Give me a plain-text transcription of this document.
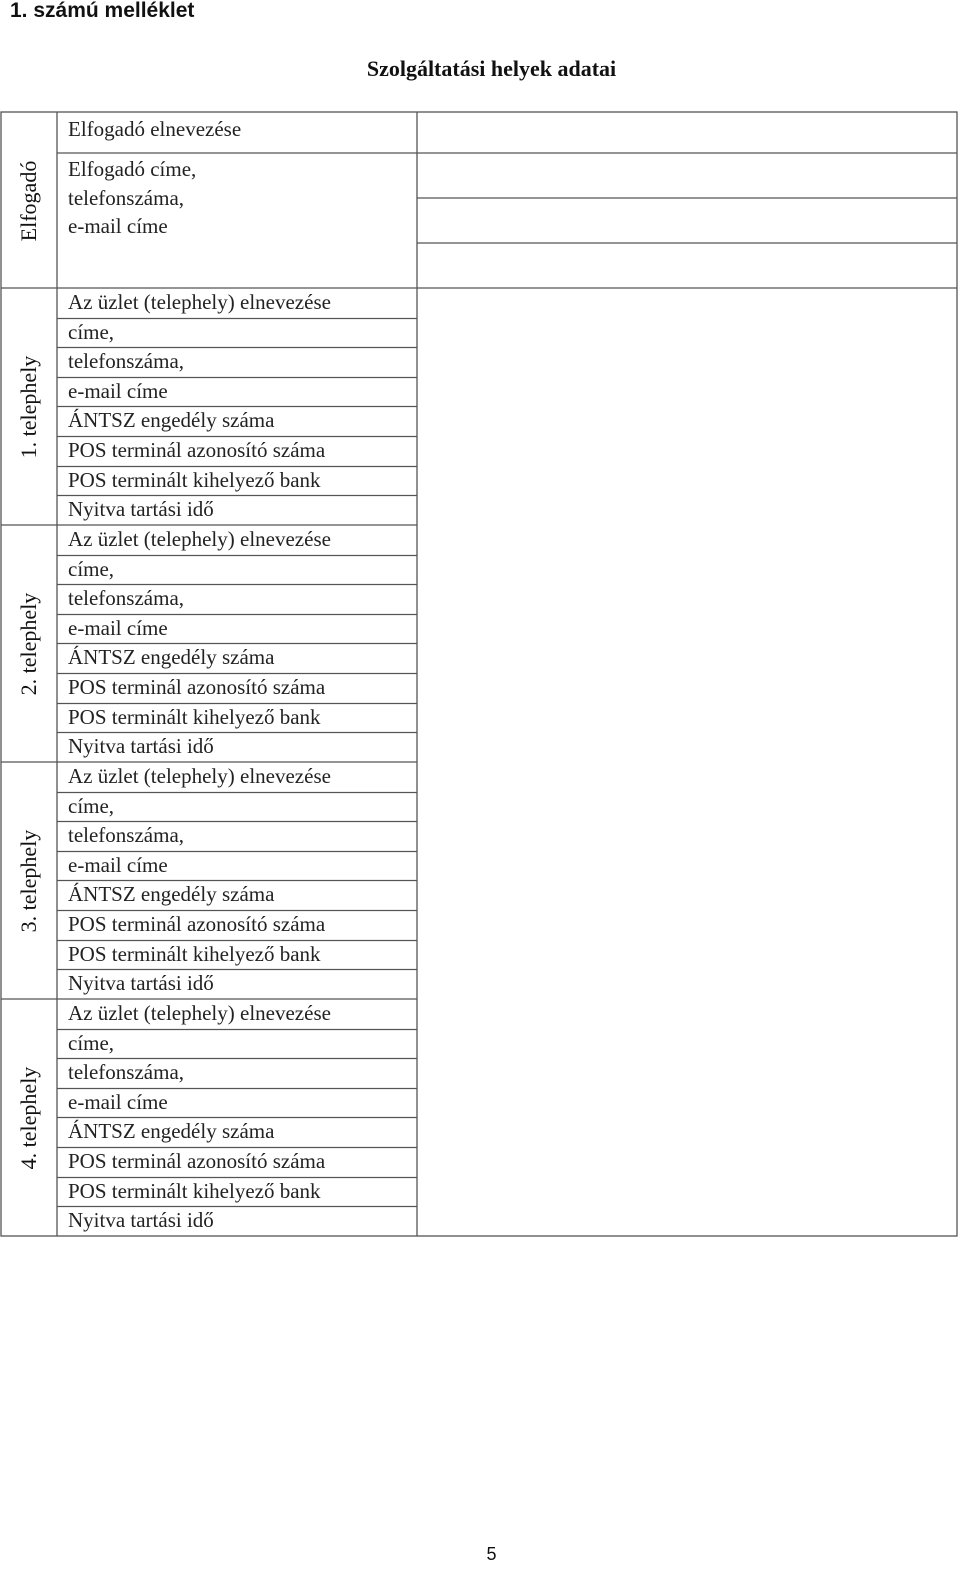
1. számú melléklet
Szolgáltatási helyek adatai
Elfogadó
1. telephely
2. telephely
3. telephely
4. telephely
Elfogadó elnevezése
Elfogadó címe,
telefonszáma,
e-mail címe
Az üzlet (telephely) elnevezése
címe,
telefonszáma,
e-mail címe
ÁNTSZ engedély száma
POS terminál azonosító száma
POS terminált kihelyező bank
Nyitva tartási idő
Az üzlet (telephely) elnevezése
címe,
telefonszáma,
e-mail címe
ÁNTSZ engedély száma
POS terminál azonosító száma
POS terminált kihelyező bank
Nyitva tartási idő
Az üzlet (telephely) elnevezése
címe,
telefonszáma,
e-mail címe
ÁNTSZ engedély száma
POS terminál azonosító száma
POS terminált kihelyező bank
Nyitva tartási idő
Az üzlet (telephely) elnevezése
címe,
telefonszáma,
e-mail címe
ÁNTSZ engedély száma
POS terminál azonosító száma
POS terminált kihelyező bank
Nyitva tartási idő
5
